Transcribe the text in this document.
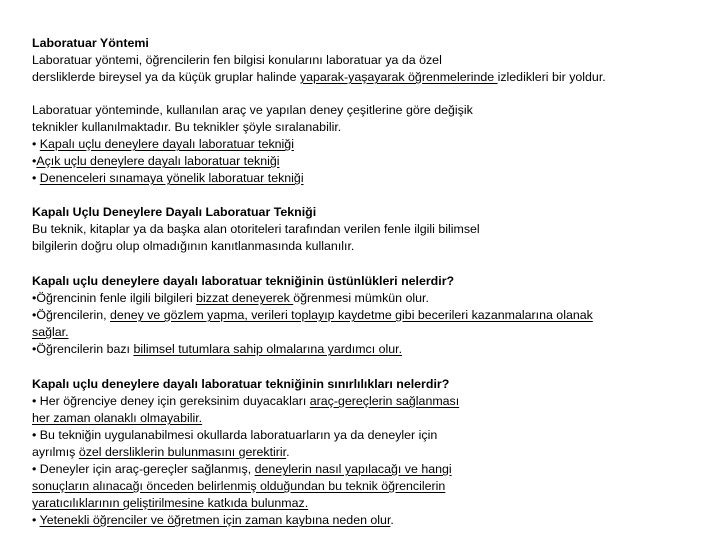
Laboratuar Yöntemi
Laboratuar yöntemi, öğrencilerin fen bilgisi konularını laboratuar ya da özel
dersliklerde bireysel ya da küçük gruplar halinde yaparak-yaşayarak öğrenmelerinde izledikleri bir yoldur.
Laboratuar yönteminde, kullanılan araç ve yapılan deney çeşitlerine göre değişik
teknikler kullanılmaktadır. Bu teknikler şöyle sıralanabilir.
• Kapalı uçlu deneylere dayalı laboratuar tekniği
•Açık uçlu deneylere dayalı laboratuar tekniği
• Denenceleri sınamaya yönelik laboratuar tekniği
Kapalı Uçlu Deneylere Dayalı Laboratuar Tekniği
Bu teknik, kitaplar ya da başka alan otoriteleri tarafından verilen fenle ilgili bilimsel
bilgilerin doğru olup olmadığının kanıtlanmasında kullanılır.
Kapalı uçlu deneylere dayalı laboratuar tekniğinin üstünlükleri nelerdir?
•Öğrencinin fenle ilgili bilgileri bizzat deneyerek öğrenmesi mümkün olur.
•Öğrencilerin, deney ve gözlem yapma, verileri toplayıp kaydetme gibi becerileri kazanmalarına olanak
sağlar.
•Öğrencilerin bazı bilimsel tutumlara sahip olmalarına yardımcı olur.
Kapalı uçlu deneylere dayalı laboratuar tekniğinin sınırlılıkları nelerdir?
• Her öğrenciye deney için gereksinim duyacakları araç-gereçlerin sağlanması
her zaman olanaklı olmayabilir.
• Bu tekniğin uygulanabilmesi okullarda laboratuarların ya da deneyler için
ayrılmış özel dersliklerin bulunmasını gerektirir.
• Deneyler için araç-gereçler sağlanmış, deneylerin nasıl yapılacağı ve hangi
sonuçların alınacağı önceden belirlenmiş olduğundan bu teknik öğrencilerin
yaratıcılıklarının geliştirilmesine katkıda bulunmaz.
• Yetenekli öğrenciler ve öğretmen için zaman kaybına neden olur.
